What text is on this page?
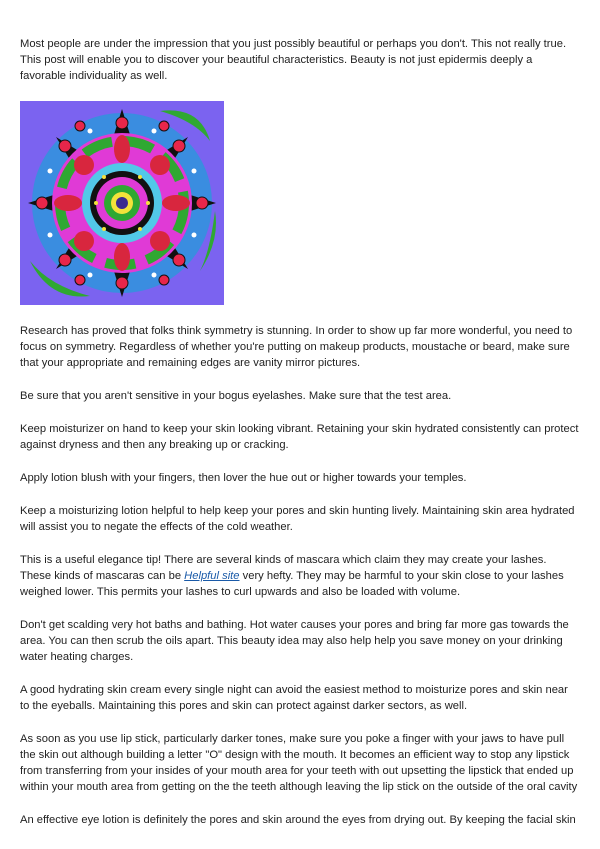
Most people are under the impression that you just possibly beautiful or perhaps you don't. This not really true. This post will enable you to discover your beautiful characteristics. Beauty is not just epidermis deeply a favorable individuality as well.

Research has proved that folks think symmetry is stunning. In order to show up far more wonderful, you need to focus on symmetry. Regardless of whether you're putting on makeup products, moustache or beard, make sure that your appropriate and remaining edges are vanity mirror pictures.

Be sure that you aren't sensitive in your bogus eyelashes. Make sure that the test area.

Keep moisturizer on hand to keep your skin looking vibrant. Retaining your skin hydrated consistently can protect against dryness and then any breaking up or cracking.

Apply lotion blush with your fingers, then lover the hue out or higher towards your temples.

Keep a moisturizing lotion helpful to help keep your pores and skin hunting lively. Maintaining skin area hydrated will assist you to negate the effects of the cold weather.

This is a useful elegance tip! There are several kinds of mascara which claim they may create your lashes. These kinds of mascaras can be Helpful site very hefty. They may be harmful to your skin close to your lashes weighed lower. This permits your lashes to curl upwards and also be loaded with volume.

Don't get scalding very hot baths and bathing. Hot water causes your pores and bring far more gas towards the area. You can then scrub the oils apart. This beauty idea may also help help you save money on your drinking water heating charges.

A good hydrating skin cream every single night can avoid the easiest method to moisturize pores and skin near to the eyeballs. Maintaining this pores and skin can protect against darker sectors, as well.

As soon as you use lip stick, particularly darker tones, make sure you poke a finger with your jaws to have pull the skin out although building a letter "O" design with the mouth. It becomes an efficient way to stop any lipstick from transferring from your insides of your mouth area for your teeth with out upsetting the lipstick that ended up within your mouth area from getting on the the teeth although leaving the lip stick on the outside of the oral cavity

An effective eye lotion is definitely the pores and skin around the eyes from drying out. By keeping the facial skin
